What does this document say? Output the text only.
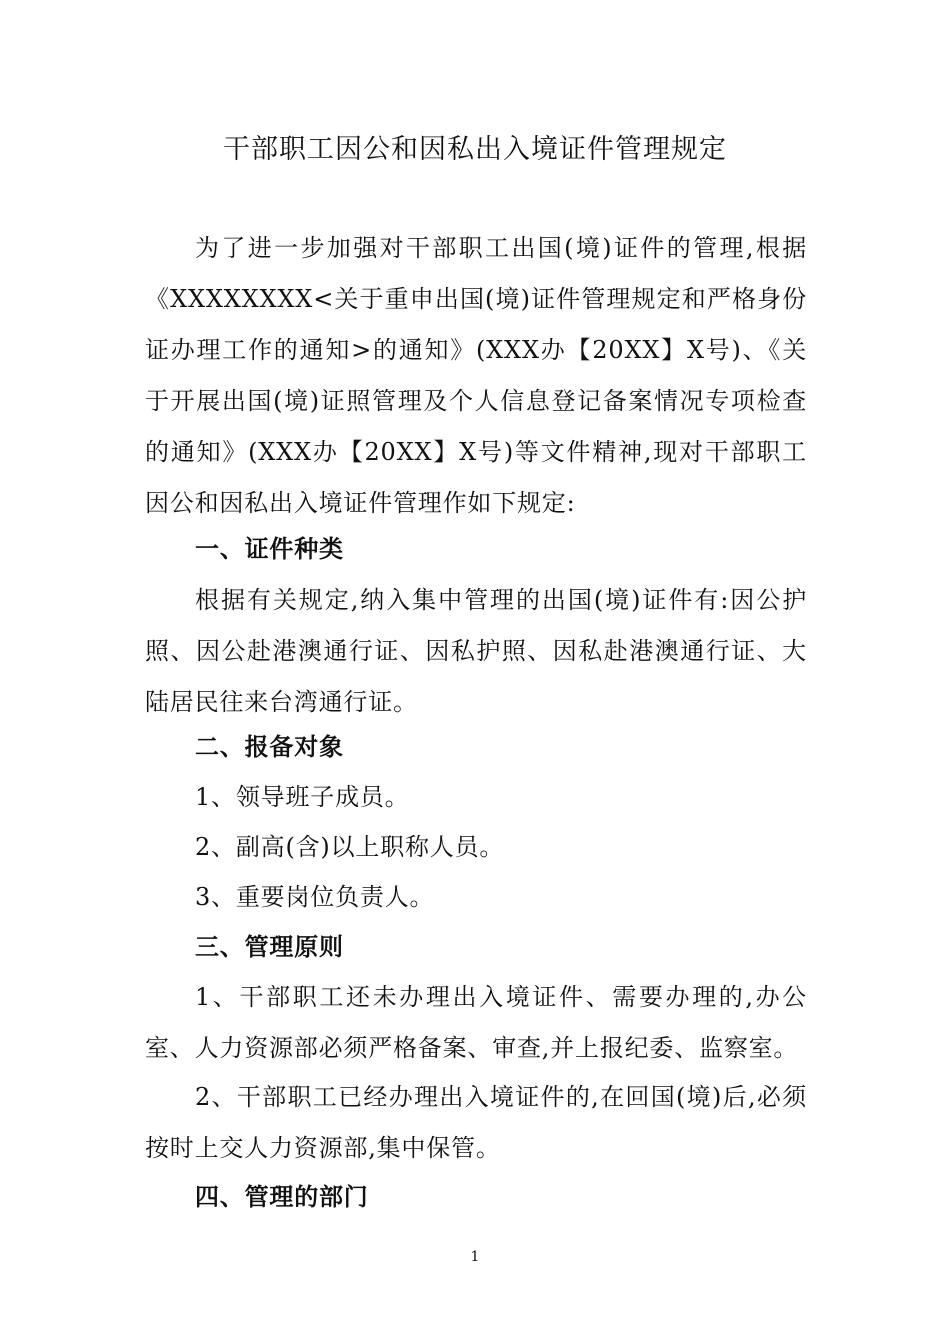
干部职工因公和因私出入境证件管理规定

为了进一步加强对干部职工出国(境)证件的管理,根据《XXXXXXXX<关于重申出国(境)证件管理规定和严格身份证办理工作的通知>的通知》(XXX办【20XX】X号)、《关于开展出国(境)证照管理及个人信息登记备案情况专项检查的通知》(XXX办【20XX】X号)等文件精神,现对干部职工因公和因私出入境证件管理作如下规定:

一、证件种类

根据有关规定,纳入集中管理的出国(境)证件有:因公护照、因公赴港澳通行证、因私护照、因私赴港澳通行证、大陆居民往来台湾通行证。

二、报备对象

1、领导班子成员。

2、副高(含)以上职称人员。

3、重要岗位负责人。

三、管理原则

1、干部职工还未办理出入境证件、需要办理的,办公室、人力资源部必须严格备案、审查,并上报纪委、监察室。

2、干部职工已经办理出入境证件的,在回国(境)后,必须按时上交人力资源部,集中保管。

四、管理的部门

1
